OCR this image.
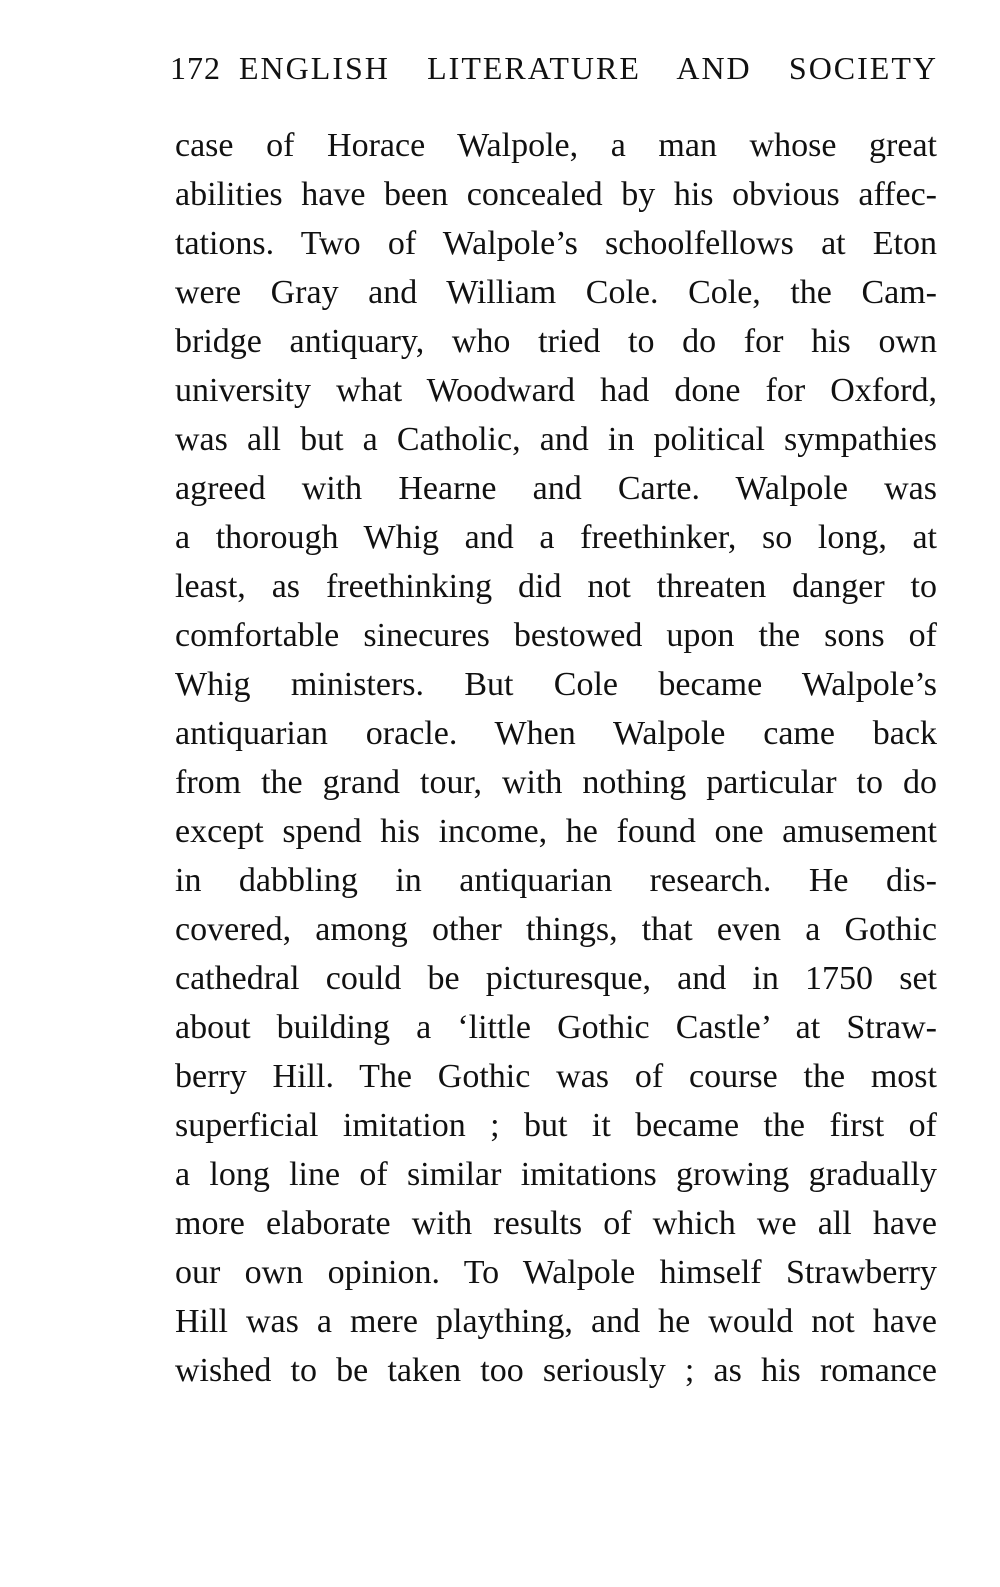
172 ENGLISH LITERATURE AND SOCIETY
case of Horace Walpole, a man whose great
abilities have been concealed by his obvious affec-
tations. Two of Walpole’s schoolfellows at Eton
were Gray and William Cole. Cole, the Cam-
bridge antiquary, who tried to do for his own
university what Woodward had done for Oxford,
was all but a Catholic, and in political sympathies
agreed with Hearne and Carte. Walpole was
a thorough Whig and a freethinker, so long, at
least, as freethinking did not threaten danger to
comfortable sinecures bestowed upon the sons of
Whig ministers. But Cole became Walpole’s
antiquarian oracle. When Walpole came back
from the grand tour, with nothing particular to do
except spend his income, he found one amusement
in dabbling in antiquarian research. He dis-
covered, among other things, that even a Gothic
cathedral could be picturesque, and in 1750 set
about building a ‘little Gothic Castle’ at Straw-
berry Hill. The Gothic was of course the most
superficial imitation ; but it became the first of
a long line of similar imitations growing gradually
more elaborate with results of which we all have
our own opinion. To Walpole himself Strawberry
Hill was a mere plaything, and he would not have
wished to be taken too seriously ; as his romance
